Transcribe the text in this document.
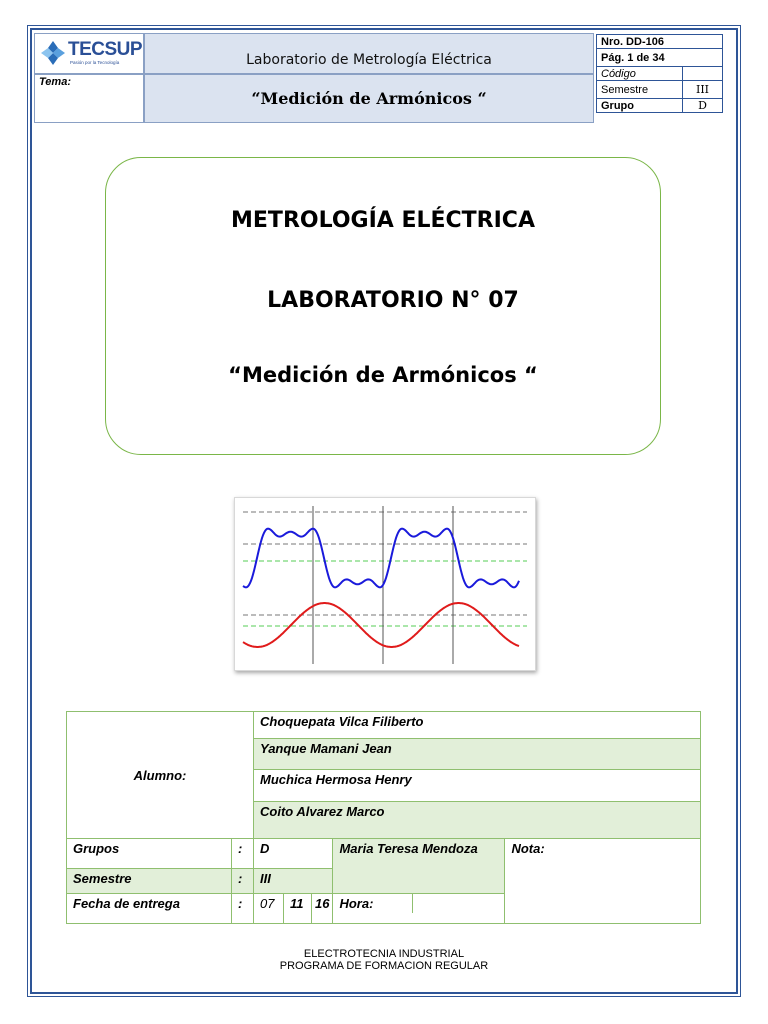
TECSUP
Pasión por la Tecnología	Laboratorio de Metrología Eléctrica
Tema:
“Medición de Armónicos “
Nro. DD-106	
Pág. 1 de 34	
Código	
Semestre	III
Grupo	D
METROLOGÍA ELÉCTRICA
LABORATORIO N° 07
“Medición de Armónicos “
Alumno:		Choquepata Vilca Filiberto				
		Yanque Mamani Jean				
		Muchica Hermosa Henry				
		Coito Alvarez Marco				
Grupos	:	D			Maria Teresa Mendoza	Nota:
Semestre	:	III				
Fecha de entrega	:	07	11	16	Hora:	
ELECTROTECNIA INDUSTRIAL
PROGRAMA DE FORMACION REGULAR
